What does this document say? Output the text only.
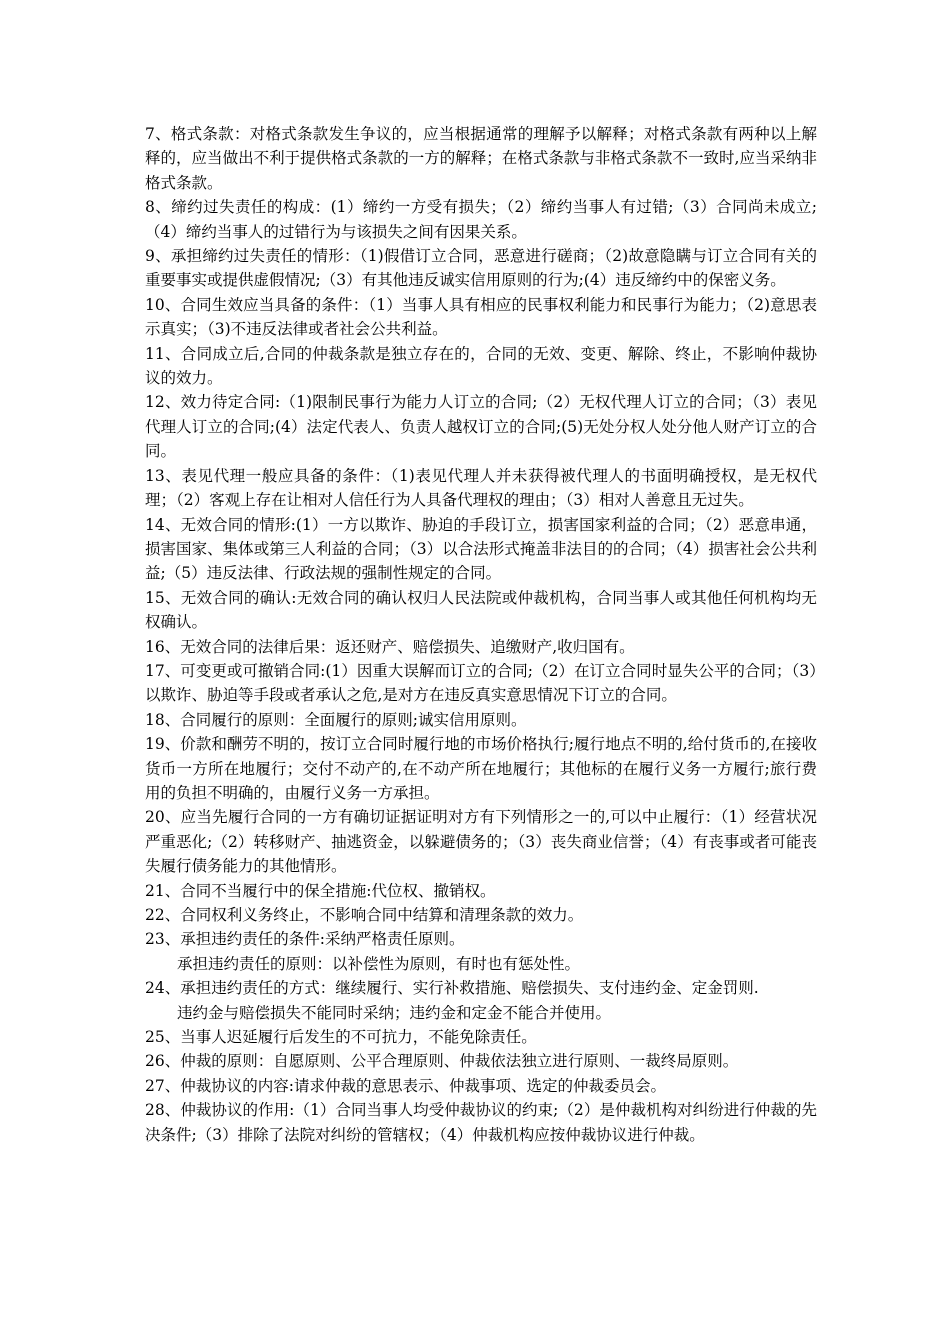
7、格式条款：对格式条款发生争议的，应当根据通常的理解予以解释；对格式条款有两种以上解释的，应当做出不利于提供格式条款的一方的解释；在格式条款与非格式条款不一致时,应当采纳非格式条款。

8、缔约过失责任的构成：(1）缔约一方受有损失；（2）缔约当事人有过错;（3）合同尚未成立;（4）缔约当事人的过错行为与该损失之间有因果关系。

9、承担缔约过失责任的情形：（1)假借订立合同，恶意进行磋商；（2)故意隐瞒与订立合同有关的重要事实或提供虚假情况;（3）有其他违反诚实信用原则的行为;(4）违反缔约中的保密义务。

10、合同生效应当具备的条件：（1）当事人具有相应的民事权利能力和民事行为能力；（2)意思表示真实；（3)不违反法律或者社会公共利益。

11、合同成立后,合同的仲裁条款是独立存在的，合同的无效、变更、解除、终止，不影响仲裁协议的效力。

12、效力待定合同:（1)限制民事行为能力人订立的合同;（2）无权代理人订立的合同；（3）表见代理人订立的合同;(4）法定代表人、负责人越权订立的合同;(5)无处分权人处分他人财产订立的合同。

13、表见代理一般应具备的条件：（1)表见代理人并未获得被代理人的书面明确授权，是无权代理；（2）客观上存在让相对人信任行为人具备代理权的理由；（3）相对人善意且无过失。

14、无效合同的情形:(1）一方以欺诈、胁迫的手段订立，损害国家利益的合同；（2）恶意串通，损害国家、集体或第三人利益的合同；（3）以合法形式掩盖非法目的的合同；（4）损害社会公共利益;（5）违反法律、行政法规的强制性规定的合同。

15、无效合同的确认:无效合同的确认权归人民法院或仲裁机构，合同当事人或其他任何机构均无权确认。

16、无效合同的法律后果：返还财产、赔偿损失、追缴财产,收归国有。

17、可变更或可撤销合同:(1）因重大误解而订立的合同;（2）在订立合同时显失公平的合同；（3）以欺诈、胁迫等手段或者承认之危,是对方在违反真实意思情况下订立的合同。

18、合同履行的原则：全面履行的原则;诚实信用原则。

19、价款和酬劳不明的，按订立合同时履行地的市场价格执行;履行地点不明的,给付货币的,在接收货币一方所在地履行；交付不动产的,在不动产所在地履行；其他标的在履行义务一方履行;旅行费用的负担不明确的，由履行义务一方承担。

20、应当先履行合同的一方有确切证据证明对方有下列情形之一的,可以中止履行：（1）经营状况严重恶化;（2）转移财产、抽逃资金，以躲避债务的；（3）丧失商业信誉；（4）有丧事或者可能丧失履行债务能力的其他情形。

21、合同不当履行中的保全措施:代位权、撤销权。

22、合同权利义务终止，不影响合同中结算和清理条款的效力。

23、承担违约责任的条件:采纳严格责任原则。

承担违约责任的原则：以补偿性为原则，有时也有惩处性。

24、承担违约责任的方式：继续履行、实行补救措施、赔偿损失、支付违约金、定金罚则.

违约金与赔偿损失不能同时采纳；违约金和定金不能合并使用。

25、当事人迟延履行后发生的不可抗力，不能免除责任。

26、仲裁的原则：自愿原则、公平合理原则、仲裁依法独立进行原则、一裁终局原则。

27、仲裁协议的内容:请求仲裁的意思表示、仲裁事项、选定的仲裁委员会。

28、仲裁协议的作用:（1）合同当事人均受仲裁协议的约束;（2）是仲裁机构对纠纷进行仲裁的先决条件;（3）排除了法院对纠纷的管辖权；（4）仲裁机构应按仲裁协议进行仲裁。
